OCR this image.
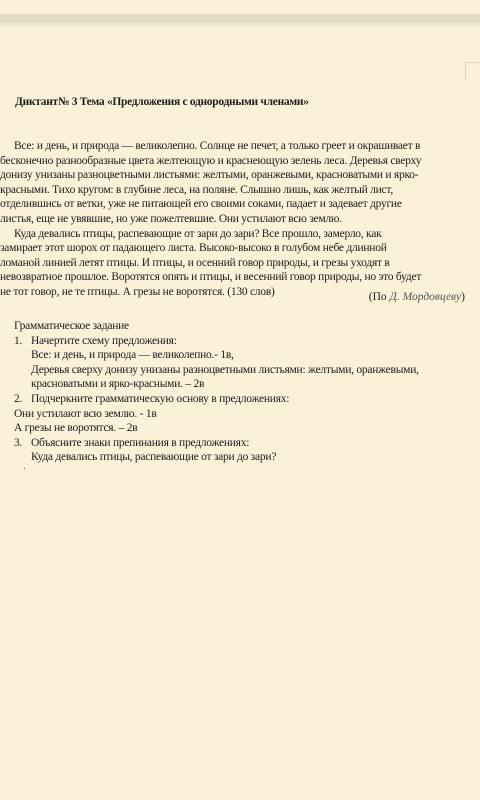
Диктант№ 3 Тема «Предложения с однородными членами»
Все: и день, и природа — великолепно. Солнце не печет, а только греет и окрашивает в
бесконечно разнообразные цвета желтеющую и краснеющую зелень леса. Деревья сверху
донизу унизаны разноцветными листьями: желтыми, оранжевыми, красноватыми и ярко-
красными. Тихо кругом: в глубине леса, на поляне. Слышно лишь, как желтый лист,
отделившись от ветки, уже не питающей его своими соками, падает и задевает другие
листья, еще не увявшие, но уже пожелтевшие. Они устилают всю землю.
Куда девались птицы, распевающие от зари до зари? Все прошло, замерло, как
замирает этот шорох от падающего листа. Высоко-высоко в голубом небе длинной
ломаной линией летят птицы. И птицы, и осенний говор природы, и грезы уходят в
невозвратное прошлое. Воротятся опять и птицы, и весенний говор природы, но это будет
не тот говор, не те птицы. А грезы не воротятся. (130 слов)	(По Д. Мордовцеву)
Грамматическое задание
1. Начертите схему предложения:
Все: и день, и природа — великолепно.- 1в,
Деревья сверху донизу унизаны разноцветными листьями: желтыми, оранжевыми,
красноватыми и ярко-красными. – 2в
2. Подчеркните грамматическую основу в предложениях:
Они устилают всю землю. - 1в
А грезы не воротятся. – 2в
3. Объясните знаки препинания в предложениях:
Куда девались птицы, распевающие от зари до зари?
.
